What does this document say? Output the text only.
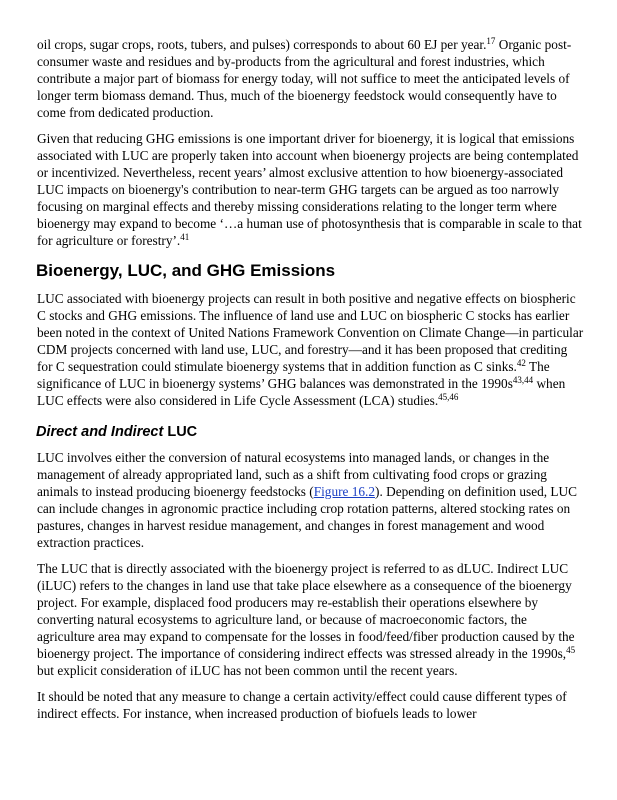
oil crops, sugar crops, roots, tubers, and pulses) corresponds to about 60 EJ per year.$^{17}$ Organic post-consumer waste and residues and by-products from the agricultural and forest industries, which contribute a major part of biomass for energy today, will not suffice to meet the anticipated levels of longer term biomass demand. Thus, much of the bioenergy feedstock would consequently have to come from dedicated production.

Given that reducing GHG emissions is one important driver for bioenergy, it is logical that emissions associated with LUC are properly taken into account when bioenergy projects are being contemplated or incentivized. Nevertheless, recent years’ almost exclusive attention to how bioenergy-associated LUC impacts on bioenergy's contribution to near-term GHG targets can be argued as too narrowly focusing on marginal effects and thereby missing considerations relating to the longer term where bioenergy may expand to become ‘…a human use of photosynthesis that is comparable in scale to that for agriculture or forestry’.$^{41}$

Bioenergy, LUC, and GHG Emissions

LUC associated with bioenergy projects can result in both positive and negative effects on biospheric C stocks and GHG emissions. The influence of land use and LUC on biospheric C stocks has earlier been noted in the context of United Nations Framework Convention on Climate Change—in particular CDM projects concerned with land use, LUC, and forestry—and it has been proposed that crediting for C sequestration could stimulate bioenergy systems that in addition function as C sinks.$^{42}$ The significance of LUC in bioenergy systems’ GHG balances was demonstrated in the $1990s^{43,44}$ when LUC effects were also considered in Life Cycle Assessment (LCA) studies.$^{45,46}$

Direct and Indirect LUC

LUC involves either the conversion of natural ecosystems into managed lands, or changes in the management of already appropriated land, such as a shift from cultivating food crops or grazing animals to instead producing bioenergy feedstocks (Figure 16.2). Depending on definition used, LUC can include changes in agronomic practice including crop rotation patterns, altered stocking rates on pastures, changes in harvest residue management, and changes in forest management and wood extraction practices.

The LUC that is directly associated with the bioenergy project is referred to as dLUC. Indirect LUC (iLUC) refers to the changes in land use that take place elsewhere as a consequence of the bioenergy project. For example, displaced food producers may re-establish their operations elsewhere by converting natural ecosystems to agriculture land, or because of macroeconomic factors, the agriculture area may expand to compensate for the losses in food/feed/fiber production caused by the bioenergy project. The importance of considering indirect effects was stressed already in the 1990s,$^{45}$ but explicit consideration of iLUC has not been common until the recent years.

It should be noted that any measure to change a certain activity/effect could cause different types of indirect effects. For instance, when increased production of biofuels leads to lower
